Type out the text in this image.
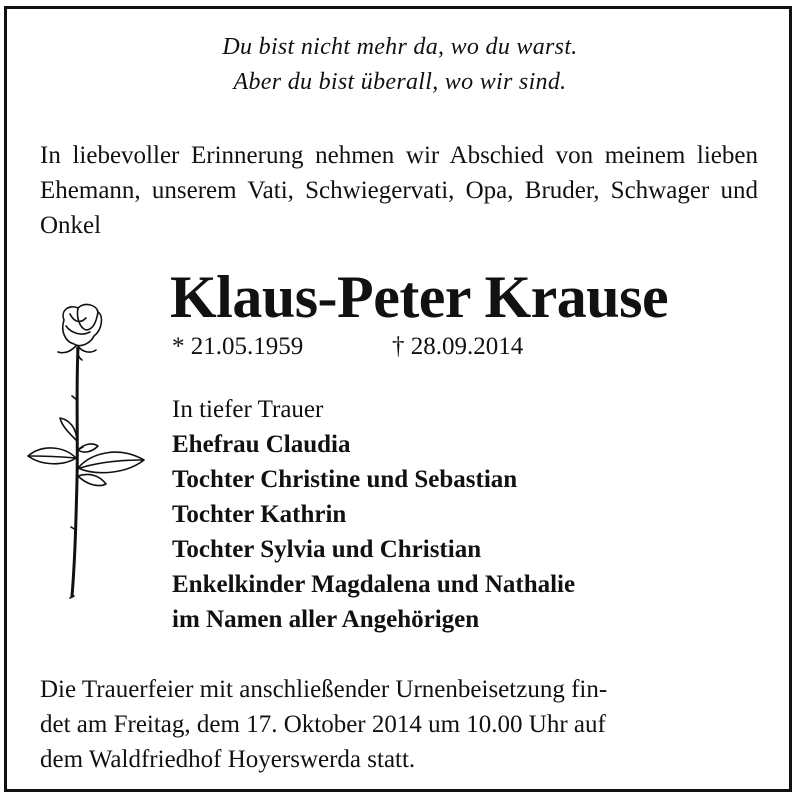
Du bist nicht mehr da, wo du warst.
Aber du bist überall, wo wir sind.
In liebevoller Erinnerung nehmen wir Abschied von meinem lieben Ehemann, unserem Vati, Schwiegervati, Opa, Bruder, Schwager und Onkel
Klaus-Peter Krause
* 21.05.1959	† 28.09.2014
In tiefer Trauer
Ehefrau Claudia
Tochter Christine und Sebastian
Tochter Kathrin
Tochter Sylvia und Christian
Enkelkinder Magdalena und Nathalie
im Namen aller Angehörigen
Die Trauerfeier mit anschließender Urnenbeisetzung fin-
det am Freitag, dem 17. Oktober 2014 um 10.00 Uhr auf
dem Waldfriedhof Hoyerswerda statt.
